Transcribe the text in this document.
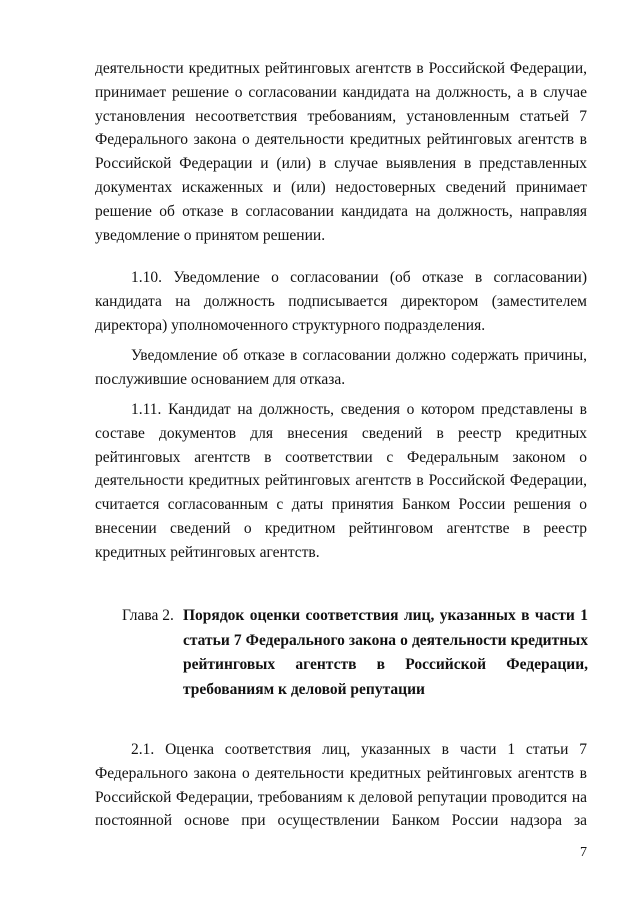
деятельности кредитных рейтинговых агентств в Российской Федерации, принимает решение о согласовании кандидата на должность, а в случае установления несоответствия требованиям, установленным статьей 7 Федерального закона о деятельности кредитных рейтинговых агентств в Российской Федерации и (или) в случае выявления в представленных документах искаженных и (или) недостоверных сведений принимает решение об отказе в согласовании кандидата на должность, направляя уведомление о принятом решении.

1.10. Уведомление о согласовании (об отказе в согласовании) кандидата на должность подписывается директором (заместителем директора) уполномоченного структурного подразделения.

Уведомление об отказе в согласовании должно содержать причины, послужившие основанием для отказа.

1.11. Кандидат на должность, сведения о котором представлены в составе документов для внесения сведений в реестр кредитных рейтинговых агентств в соответствии с Федеральным законом о деятельности кредитных рейтинговых агентств в Российской Федерации, считается согласованным с даты принятия Банком России решения о внесении сведений о кредитном рейтинговом агентстве в реестр кредитных рейтинговых агентств.

Глава 2. Порядок оценки соответствия лиц, указанных в части 1
статьи 7 Федерального закона о деятельности кредитных
рейтинговых агентств в Российской Федерации,
требованиям к деловой репутации

2.1. Оценка соответствия лиц, указанных в части 1 статьи 7 Федерального закона о деятельности кредитных рейтинговых агентств в Российской Федерации, требованиям к деловой репутации проводится на постоянной основе при осуществлении Банком России надзора за

7
